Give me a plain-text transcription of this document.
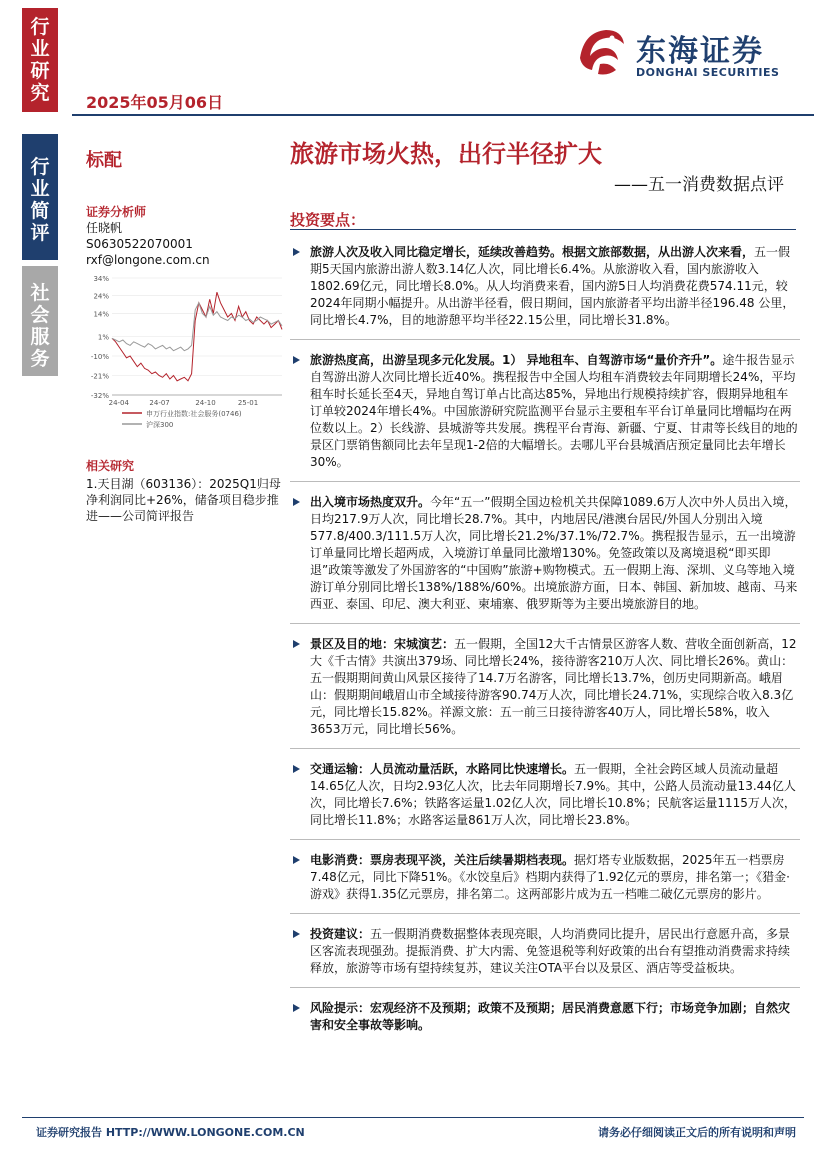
行
业
研
究
行
业
简
评
社
会
服
务
2025年05月06日
东海证券
DONGHAI SECURITIES
标配
证券分析师
任晓帆
S0630522070001
rxf@longone.com.cn
34%
24%
14%
1%
-10%
-21%
-32%
24-04	24-07	24-10	25-01
申万行业指数:社会服务(0746)
沪深300
相关研究
1.天目湖（603136）：2025Q1归母净利润同比+26%，储备项目稳步推进——公司简评报告
旅游市场火热，出行半径扩大
——五一消费数据点评
投资要点：
旅游人次及收入同比稳定增长，延续改善趋势。根据文旅部数据，从出游人次来看，五一假期5天国内旅游出游人数3.14亿人次，同比增长6.4%。从旅游收入看，国内旅游收入1802.69亿元，同比增长8.0%。从人均消费来看，国内游5日人均消费花费574.11元，较2024年同期小幅提升。从出游半径看，假日期间，国内旅游者平均出游半径196.48 公里，同比增长4.7%，目的地游憩平均半径22.15公里，同比增长31.8%。
旅游热度高，出游呈现多元化发展。1） 异地租车、自驾游市场“量价齐升”。途牛报告显示自驾游出游人次同比增长近40%。携程报告中全国人均租车消费较去年同期增长24%，平均租车时长延长至4天，异地自驾订单占比高达85%，异地出行规模持续扩容，假期异地租车订单较2024年增长4%。中国旅游研究院监测平台显示主要租车平台订单量同比增幅均在两位数以上。2）长线游、县城游等共发展。携程平台青海、新疆、宁夏、甘肃等长线目的地的景区门票销售额同比去年呈现1-2倍的大幅增长。去哪儿平台县城酒店预定量同比去年增长30%。
出入境市场热度双升。今年“五一”假期全国边检机关共保障1089.6万人次中外人员出入境，日均217.9万人次，同比增长28.7%。其中，内地居民/港澳台居民/外国人分别出入境577.8/400.3/111.5万人次，同比增长21.2%/37.1%/72.7%。携程报告显示，五一出境游订单量同比增长超两成，入境游订单量同比激增130%。免签政策以及离境退税“即买即退”政策等激发了外国游客的“中国购”旅游+购物模式。五一假期上海、深圳、义乌等地入境游订单分别同比增长138%/188%/60%。出境旅游方面，日本、韩国、新加坡、越南、马来西亚、泰国、印尼、澳大利亚、柬埔寨、俄罗斯等为主要出境旅游目的地。
景区及目的地：宋城演艺：五一假期，全国12大千古情景区游客人数、营收全面创新高，12大《千古情》共演出379场、同比增长24%，接待游客210万人次、同比增长26%。黄山：五一假期期间黄山风景区接待了14.7万名游客，同比增长13.7%，创历史同期新高。峨眉山：假期期间峨眉山市全域接待游客90.74万人次，同比增长24.71%，实现综合收入8.3亿元，同比增长15.82%。祥源文旅：五一前三日接待游客40万人，同比增长58%，收入3653万元，同比增长56%。
交通运输：人员流动量活跃，水路同比快速增长。五一假期，全社会跨区域人员流动量超14.65亿人次，日均2.93亿人次，比去年同期增长7.9%。其中，公路人员流动量13.44亿人次，同比增长7.6%；铁路客运量1.02亿人次，同比增长10.8%；民航客运量1115万人次，同比增长11.8%；水路客运量861万人次，同比增长23.8%。
电影消费：票房表现平淡，关注后续暑期档表现。据灯塔专业版数据，2025年五一档票房7.48亿元，同比下降51%。《水饺皇后》档期内获得了1.92亿元的票房，排名第一；《猎金·游戏》获得1.35亿元票房，排名第二。这两部影片成为五一档唯二破亿元票房的影片。
投资建议：五一假期消费数据整体表现亮眼，人均消费同比提升，居民出行意愿升高，多景区客流表现强劲。提振消费、扩大内需、免签退税等利好政策的出台有望推动消费需求持续释放，旅游等市场有望持续复苏，建议关注OTA平台以及景区、酒店等受益板块。
风险提示：宏观经济不及预期；政策不及预期；居民消费意愿下行；市场竞争加剧；自然灾害和安全事故等影响。
证券研究报告 HTTP://WWW.LONGONE.COM.CN	请务必仔细阅读正文后的所有说明和声明
